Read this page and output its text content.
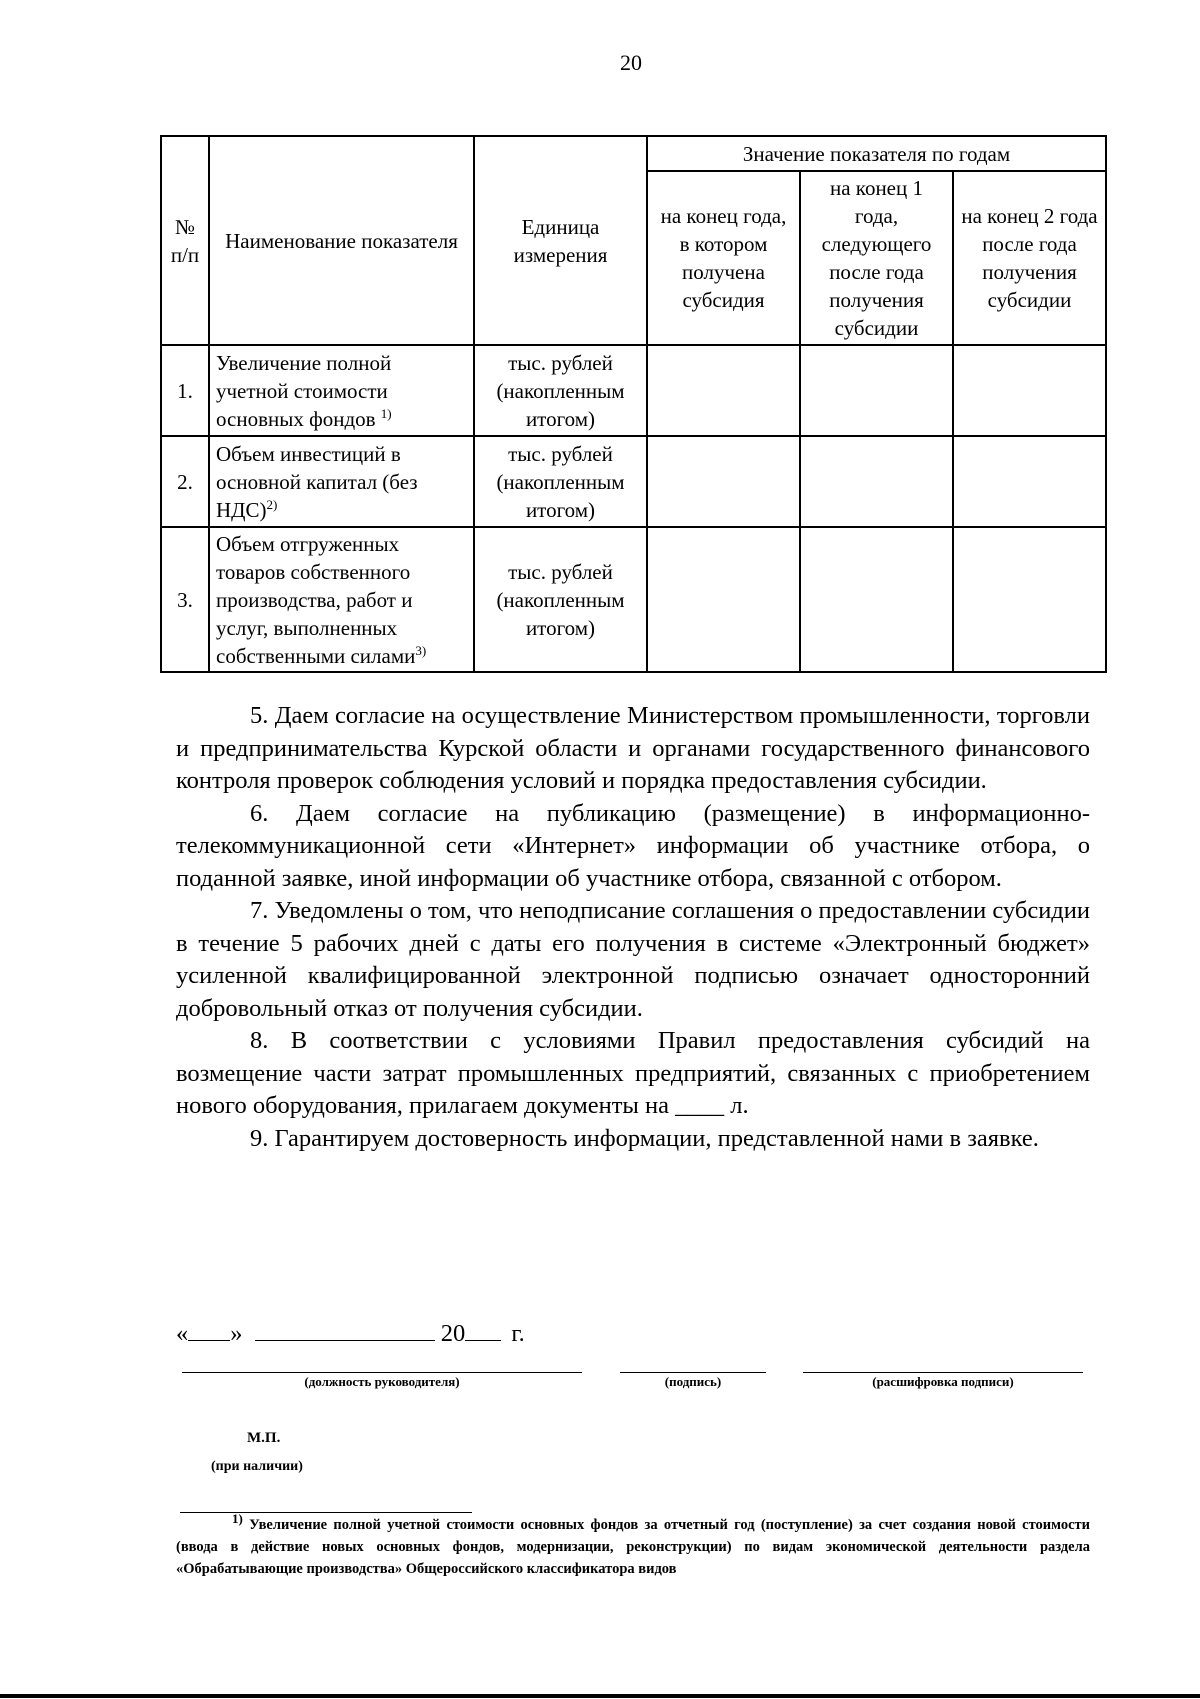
20
№ п/п	Наименование показателя	Единица измерения	Значение показателя по годам		
			на конец года, в котором получена субсидия	на конец 1 года, следующего после года получения субсидии	на конец 2 года после года получения субсидии
1.	Увеличение полной учетной стоимости основных фондов $^{1)}$	тыс. рублей (накопленным итогом)			
2.	Объем инвестиций в основной капитал (без НДС)$^{2)}$	тыс. рублей (накопленным итогом)			
3.	Объем отгруженных товаров собственного производства, работ и услуг, выполненных собственными силами$^{3)}$	тыс. рублей (накопленным итогом)			

5. Даем согласие на осуществление Министерством промышленности, торговли и предпринимательства Курской области и органами государственного финансового контроля проверок соблюдения условий и порядка предоставления субсидии.

6. Даем согласие на публикацию (размещение) в информационно-телекоммуникационной сети «Интернет» информации об участнике отбора, о поданной заявке, иной информации об участнике отбора, связанной с отбором.

7. Уведомлены о том, что неподписание соглашения о предоставлении субсидии в течение 5 рабочих дней с даты его получения в системе «Электронный бюджет» усиленной квалифицированной электронной подписью означает односторонний добровольный отказ от получения субсидии.

8. В соответствии с условиями Правил предоставления субсидий на возмещение части затрат промышленных предприятий, связанных с приобретением нового оборудования, прилагаем документы на ____ л.

9. Гарантируем достоверность информации, представленной нами в заявке.

« »	20 г.
(должность руководителя)	(подпись)	(расшифровка подписи)
М.П.
(при наличии)
$^{1)}$ Увеличение полной учетной стоимости основных фондов за отчетный год (поступление) за счет создания новой стоимости (ввода в действие новых основных фондов, модернизации, реконструкции) по видам экономической деятельности раздела «Обрабатывающие производства» Общероссийского классификатора видов
